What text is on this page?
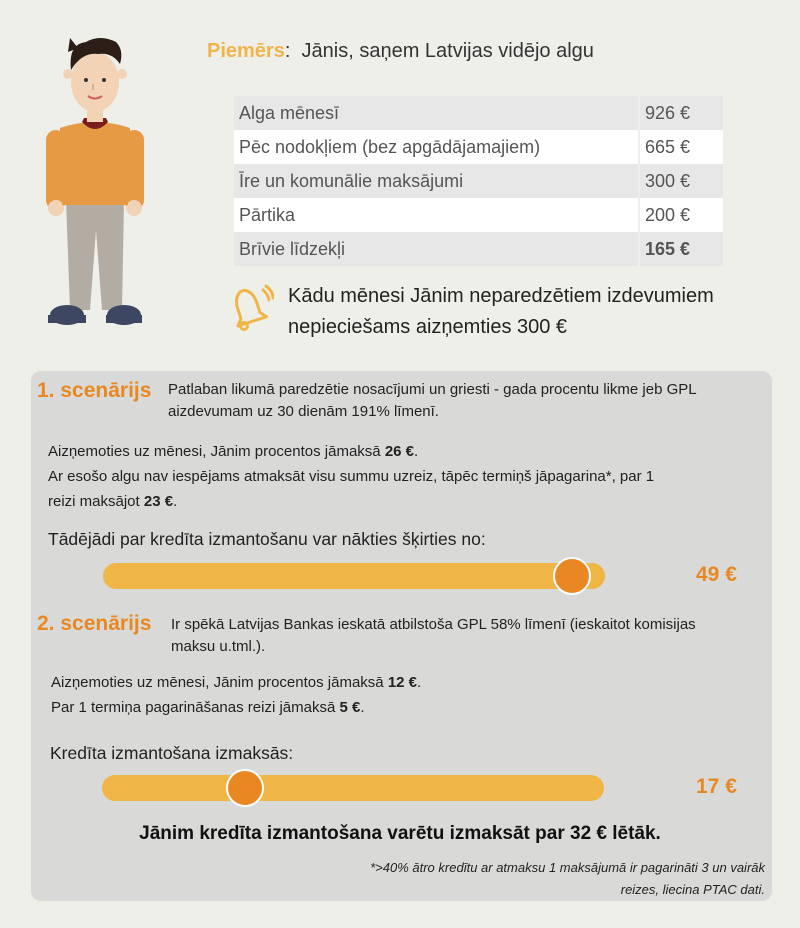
Piemērs: Jānis, saņem Latvijas vidējo algu
Alga mēnesī	926 €
Pēc nodokļiem (bez apgādājamajiem)	665 €
Īre un komunālie maksājumi	300 €
Pārtika	200 €
Brīvie līdzekļi	165 €
Kādu mēnesi Jānim neparedzētiem izdevumiem
nepieciešams aizņemties 300 €
1. scenārijs Patlaban likumā paredzētie nosacījumi un griesti - gada procentu likme jeb GPL
aizdevumam uz 30 dienām 191% līmenī.
Aizņemoties uz mēnesi, Jānim procentos jāmaksā 26 €.
Ar esošo algu nav iespējams atmaksāt visu summu uzreiz, tāpēc termiņš jāpagarina*, par 1
reizi maksājot 23 €.
Tādējādi par kredīta izmantošanu var nākties šķirties no:
49 €
2. scenārijs Ir spēkā Latvijas Bankas ieskatā atbilstoša GPL 58% līmenī (ieskaitot komisijas
maksu u.tml.).
Aizņemoties uz mēnesi, Jānim procentos jāmaksā 12 €.
Par 1 termiņa pagarināšanas reizi jāmaksā 5 €.
Kredīta izmantošana izmaksās:
17 €
Jānim kredīta izmantošana varētu izmaksāt par 32 € lētāk.
*>40% ātro kredītu ar atmaksu 1 maksājumā ir pagarināti 3 un vairāk
reizes, liecina PTAC dati.
